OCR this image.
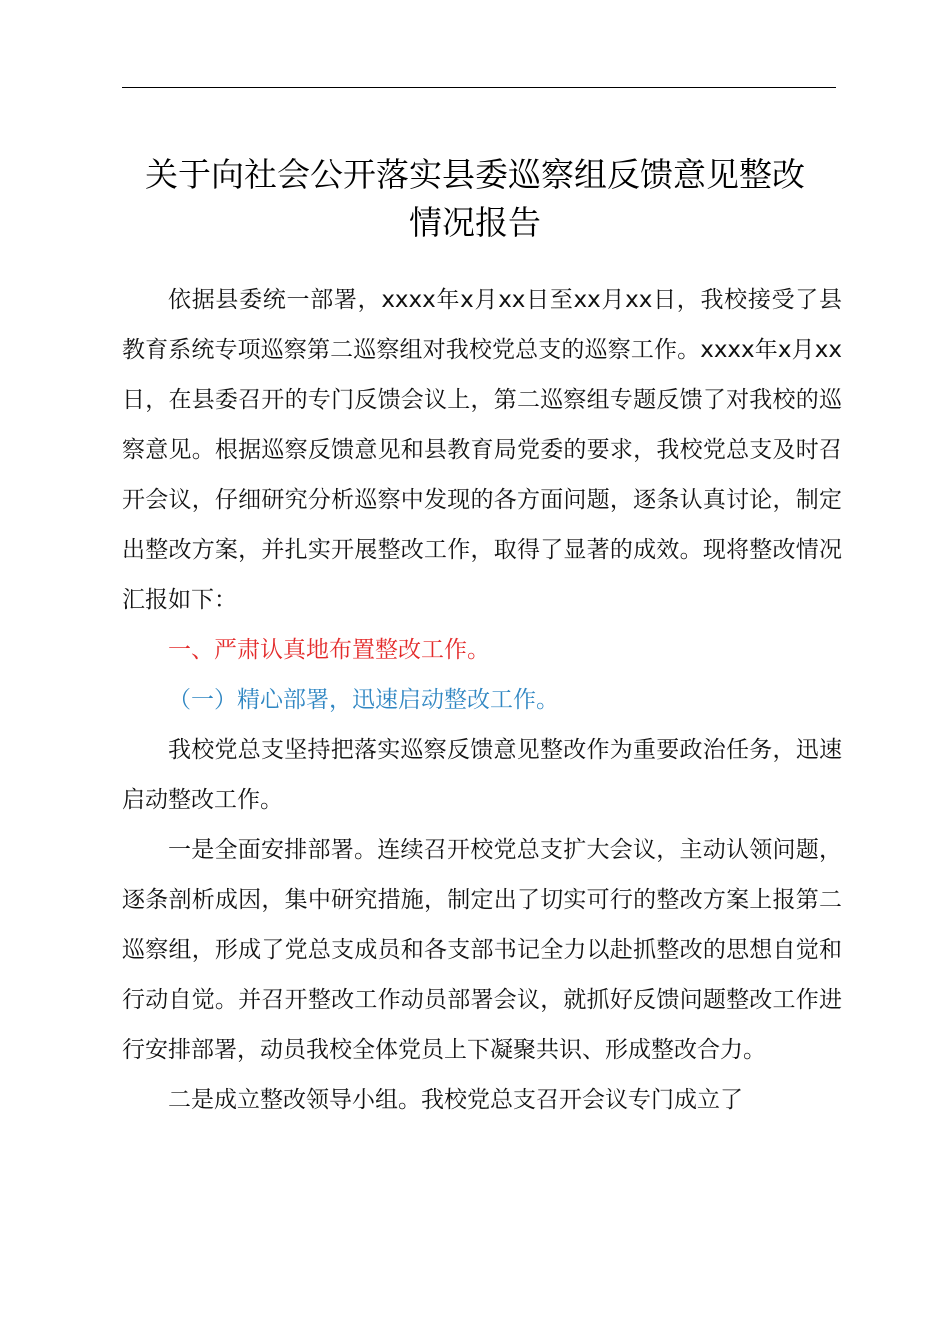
关于向社会公开落实县委巡察组反馈意见整改
情况报告

依据县委统一部署，xxxx年x月xx日至xx月xx日，我校接受了县教育系统专项巡察第二巡察组对我校党总支的巡察工作。xxxx年x月xx日，在县委召开的专门反馈会议上，第二巡察组专题反馈了对我校的巡察意见。根据巡察反馈意见和县教育局党委的要求，我校党总支及时召开会议，仔细研究分析巡察中发现的各方面问题，逐条认真讨论，制定出整改方案，并扎实开展整改工作，取得了显著的成效。现将整改情况汇报如下：

一、严肃认真地布置整改工作。

（一）精心部署，迅速启动整改工作。

我校党总支坚持把落实巡察反馈意见整改作为重要政治任务，迅速启动整改工作。

一是全面安排部署。连续召开校党总支扩大会议，主动认领问题，逐条剖析成因，集中研究措施，制定出了切实可行的整改方案上报第二巡察组，形成了党总支成员和各支部书记全力以赴抓整改的思想自觉和行动自觉。并召开整改工作动员部署会议，就抓好反馈问题整改工作进行安排部署，动员我校全体党员上下凝聚共识、形成整改合力。

二是成立整改领导小组。我校党总支召开会议专门成立了
